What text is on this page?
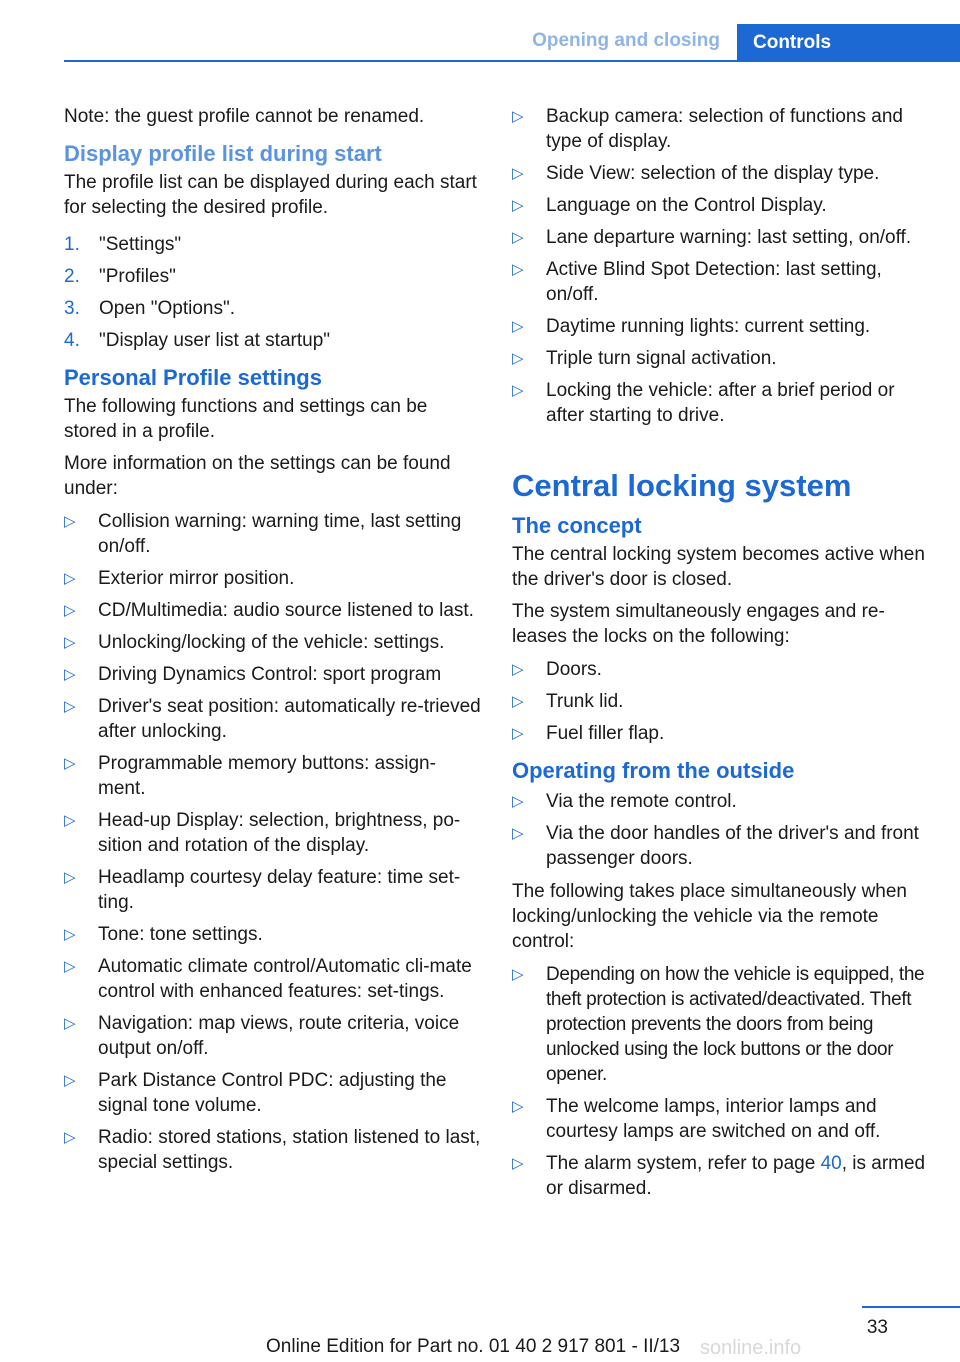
Opening and closing	Controls

Note: the guest profile cannot be renamed.

Display profile list during start

The profile list can be displayed during each start for selecting the desired profile.

1.	"Settings"
2.	"Profiles"
3.	Open "Options".
4.	"Display user list at startup"
Personal Profile settings

The following functions and settings can be stored in a profile.

More information on the settings can be found under:

▷	Collision warning: warning time, last setting on/off.
▷	Exterior mirror position.
▷	CD/Multimedia: audio source listened to last.
▷	Unlocking/locking of the vehicle: settings.
▷	Driving Dynamics Control: sport program
▷	Driver's seat position: automatically re-trieved after unlocking.
▷	Programmable memory buttons: assign-ment.
▷	Head-up Display: selection, brightness, po-sition and rotation of the display.
▷	Headlamp courtesy delay feature: time set-ting.
▷	Tone: tone settings.
▷	Automatic climate control/Automatic cli-mate control with enhanced features: set-tings.
▷	Navigation: map views, route criteria, voice output on/off.
▷	Park Distance Control PDC: adjusting the signal tone volume.
▷	Radio: stored stations, station listened to last, special settings.
▷	Backup camera: selection of functions and type of display.
▷	Side View: selection of the display type.
▷	Language on the Control Display.
▷	Lane departure warning: last setting, on/off.
▷	Active Blind Spot Detection: last setting, on/off.
▷	Daytime running lights: current setting.
▷	Triple turn signal activation.
▷	Locking the vehicle: after a brief period or after starting to drive.
Central locking system
The concept

The central locking system becomes active when the driver's door is closed.

The system simultaneously engages and re-leases the locks on the following:

▷	Doors.
▷	Trunk lid.
▷	Fuel filler flap.
Operating from the outside
▷	Via the remote control.
▷	Via the door handles of the driver's and front passenger doors.

The following takes place simultaneously when locking/unlocking the vehicle via the remote control:

▷	Depending on how the vehicle is equipped, the theft protection is activated/deactivated. Theft protection prevents the doors from being unlocked using the lock buttons or the door opener.
▷	The welcome lamps, interior lamps and courtesy lamps are switched on and off.
▷	The alarm system, refer to page 40, is armed or disarmed.
33
sonline.info
Online Edition for Part no. 01 40 2 917 801 - II/13
